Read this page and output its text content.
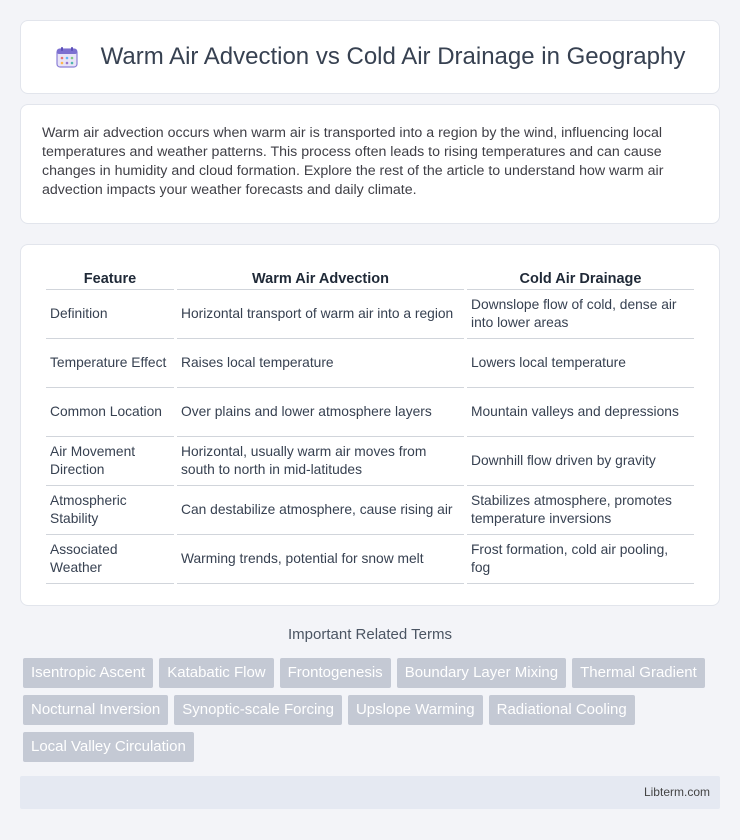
Warm Air Advection vs Cold Air Drainage in Geography

Warm air advection occurs when warm air is transported into a region by the wind, influencing local temperatures and weather patterns. This process often leads to rising temperatures and can cause changes in humidity and cloud formation. Explore the rest of the article to understand how warm air advection impacts your weather forecasts and daily climate.

Feature	Warm Air Advection	Cold Air Drainage
Definition	Horizontal transport of warm air into a region	Downslope flow of cold, dense air into lower areas
Temperature Effect	Raises local temperature	Lowers local temperature
Common Location	Over plains and lower atmosphere layers	Mountain valleys and depressions
Air Movement Direction	Horizontal, usually warm air moves from south to north in mid-latitudes	Downhill flow driven by gravity
Atmospheric Stability	Can destabilize atmosphere, cause rising air	Stabilizes atmosphere, promotes temperature inversions
Associated Weather	Warming trends, potential for snow melt	Frost formation, cold air pooling, fog
Important Related Terms
Isentropic Ascent	Katabatic Flow	Frontogenesis	Boundary Layer Mixing	Thermal Gradient
Nocturnal Inversion	Synoptic-scale Forcing	Upslope Warming	Radiational Cooling
Local Valley Circulation
Libterm.com
